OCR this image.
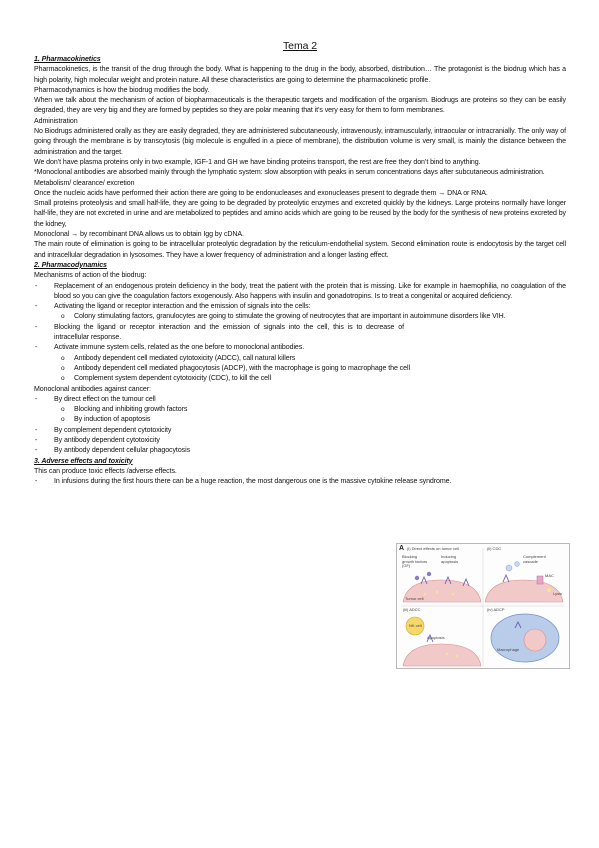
Tema 2

1. Pharmacokinetics

Pharmacokinetics, is the transit of the drug through the body. What is happening to the drug in the body, absorbed, distribution… The protagonist is the biodrug which has a high polarity, high molecular weight and protein nature. All these characteristics are going to determine the pharmacokinetic profile.

Pharmacodynamics is how the biodrug modifies the body.

When we talk about the mechanism of action of biopharmaceuticals is the therapeutic targets and modification of the organism. Biodrugs are proteins so they can be easily degraded, they are very big and they are formed by peptides so they are polar meaning that it’s very easy for them to form membranes.

Administration

No Biodrugs administered orally as they are easily degraded, they are administered subcutaneously, intravenously, intramuscularly, intraocular or intracranially. The only way of going through the membrane is by transcytosis (big molecule is engulfed in a piece of membrane), the distribution volume is very small, is mainly the distance between the administration and the target.

We don’t have plasma proteins only in two example, IGF-1 and GH we have binding proteins transport, the rest are free they don’t bind to anything.

*Monoclonal antibodies are absorbed mainly through the lymphatic system: slow absorption with peaks in serum concentrations days after subcutaneous administration.

Metabolism/ clearance/ excretion

Once the nucleic acids have performed their action there are going to be endonucleases and exonucleases present to degrade them → DNA or RNA.

Small proteins proteolysis and small half-life, they are going to be degraded by proteolytic enzymes and excreted quickly by the kidneys. Large proteins normally have longer half-life, they are not excreted in urine and are metabolized to peptides and amino acids which are going to be reused by the body for the synthesis of new proteins excreted by the kidney,

Monoclonal → by recombinant DNA allows us to obtain Igg by cDNA.

The main route of elimination is going to be intracellular proteolytic degradation by the reticulum-endothelial system. Second elimination route is endocytosis by the target cell and intracellular degradation in lysosomes. They have a lower frequency of administration and a longer lasting effect.

2. Pharmacodynamics

Mechanisms of action of the biodrug:

- Replacement of an endogenous protein deficiency in the body, treat the patient with the protein that is missing. Like for example in haemophilia, no coagulation of the blood so you can give the coagulation factors exogenously. Also happens with insulin and gonadotropins. Is to treat a congenital or acquired deficiency.
- Activating the ligand or receptor interaction and the emission of signals into the cells:
o Colony stimulating factors, granulocytes are going to stimulate the growing of neutrocytes that are important in autoimmune disorders like VIH.
- Blocking the ligand or receptor interaction and the emission of signals into the cell, this is to decrease of intracellular response.
- Activate immune system cells, related as the one before to monoclonal antibodies.
o Antibody dependent cell mediated cytotoxicity (ADCC), call natural killers
o Antibody dependent cell mediated phagocytosis (ADCP), with the macrophage is going to macrophage the cell
o Complement system dependent cytotoxicity (CDC), to kill the cell

Monoclonal antibodies against cancer:

- By direct effect on the tumour cell
o Blocking and inhibiting growth factors
o By induction of apoptosis
- By complement dependent cytotoxicity
- By antibody dependent cytotoxicity
- By antibody dependent cellular phagocytosis

3. Adverse effects and toxicity

This can produce toxic effects /adverse effects.

- In infusions during the first hours there can be a huge reaction, the most dangerous one is the massive cytokine release syndrome.
A (i) Direct effects on tumor cell	(ii) CDC
(iii) ADCC	(iv) ADCP
Blocking growth factors (GF)
Inducing apoptosis
Complement cascade
MAC
Lysis
Tumor cell
NK cell
Apoptosis
Macrophage
